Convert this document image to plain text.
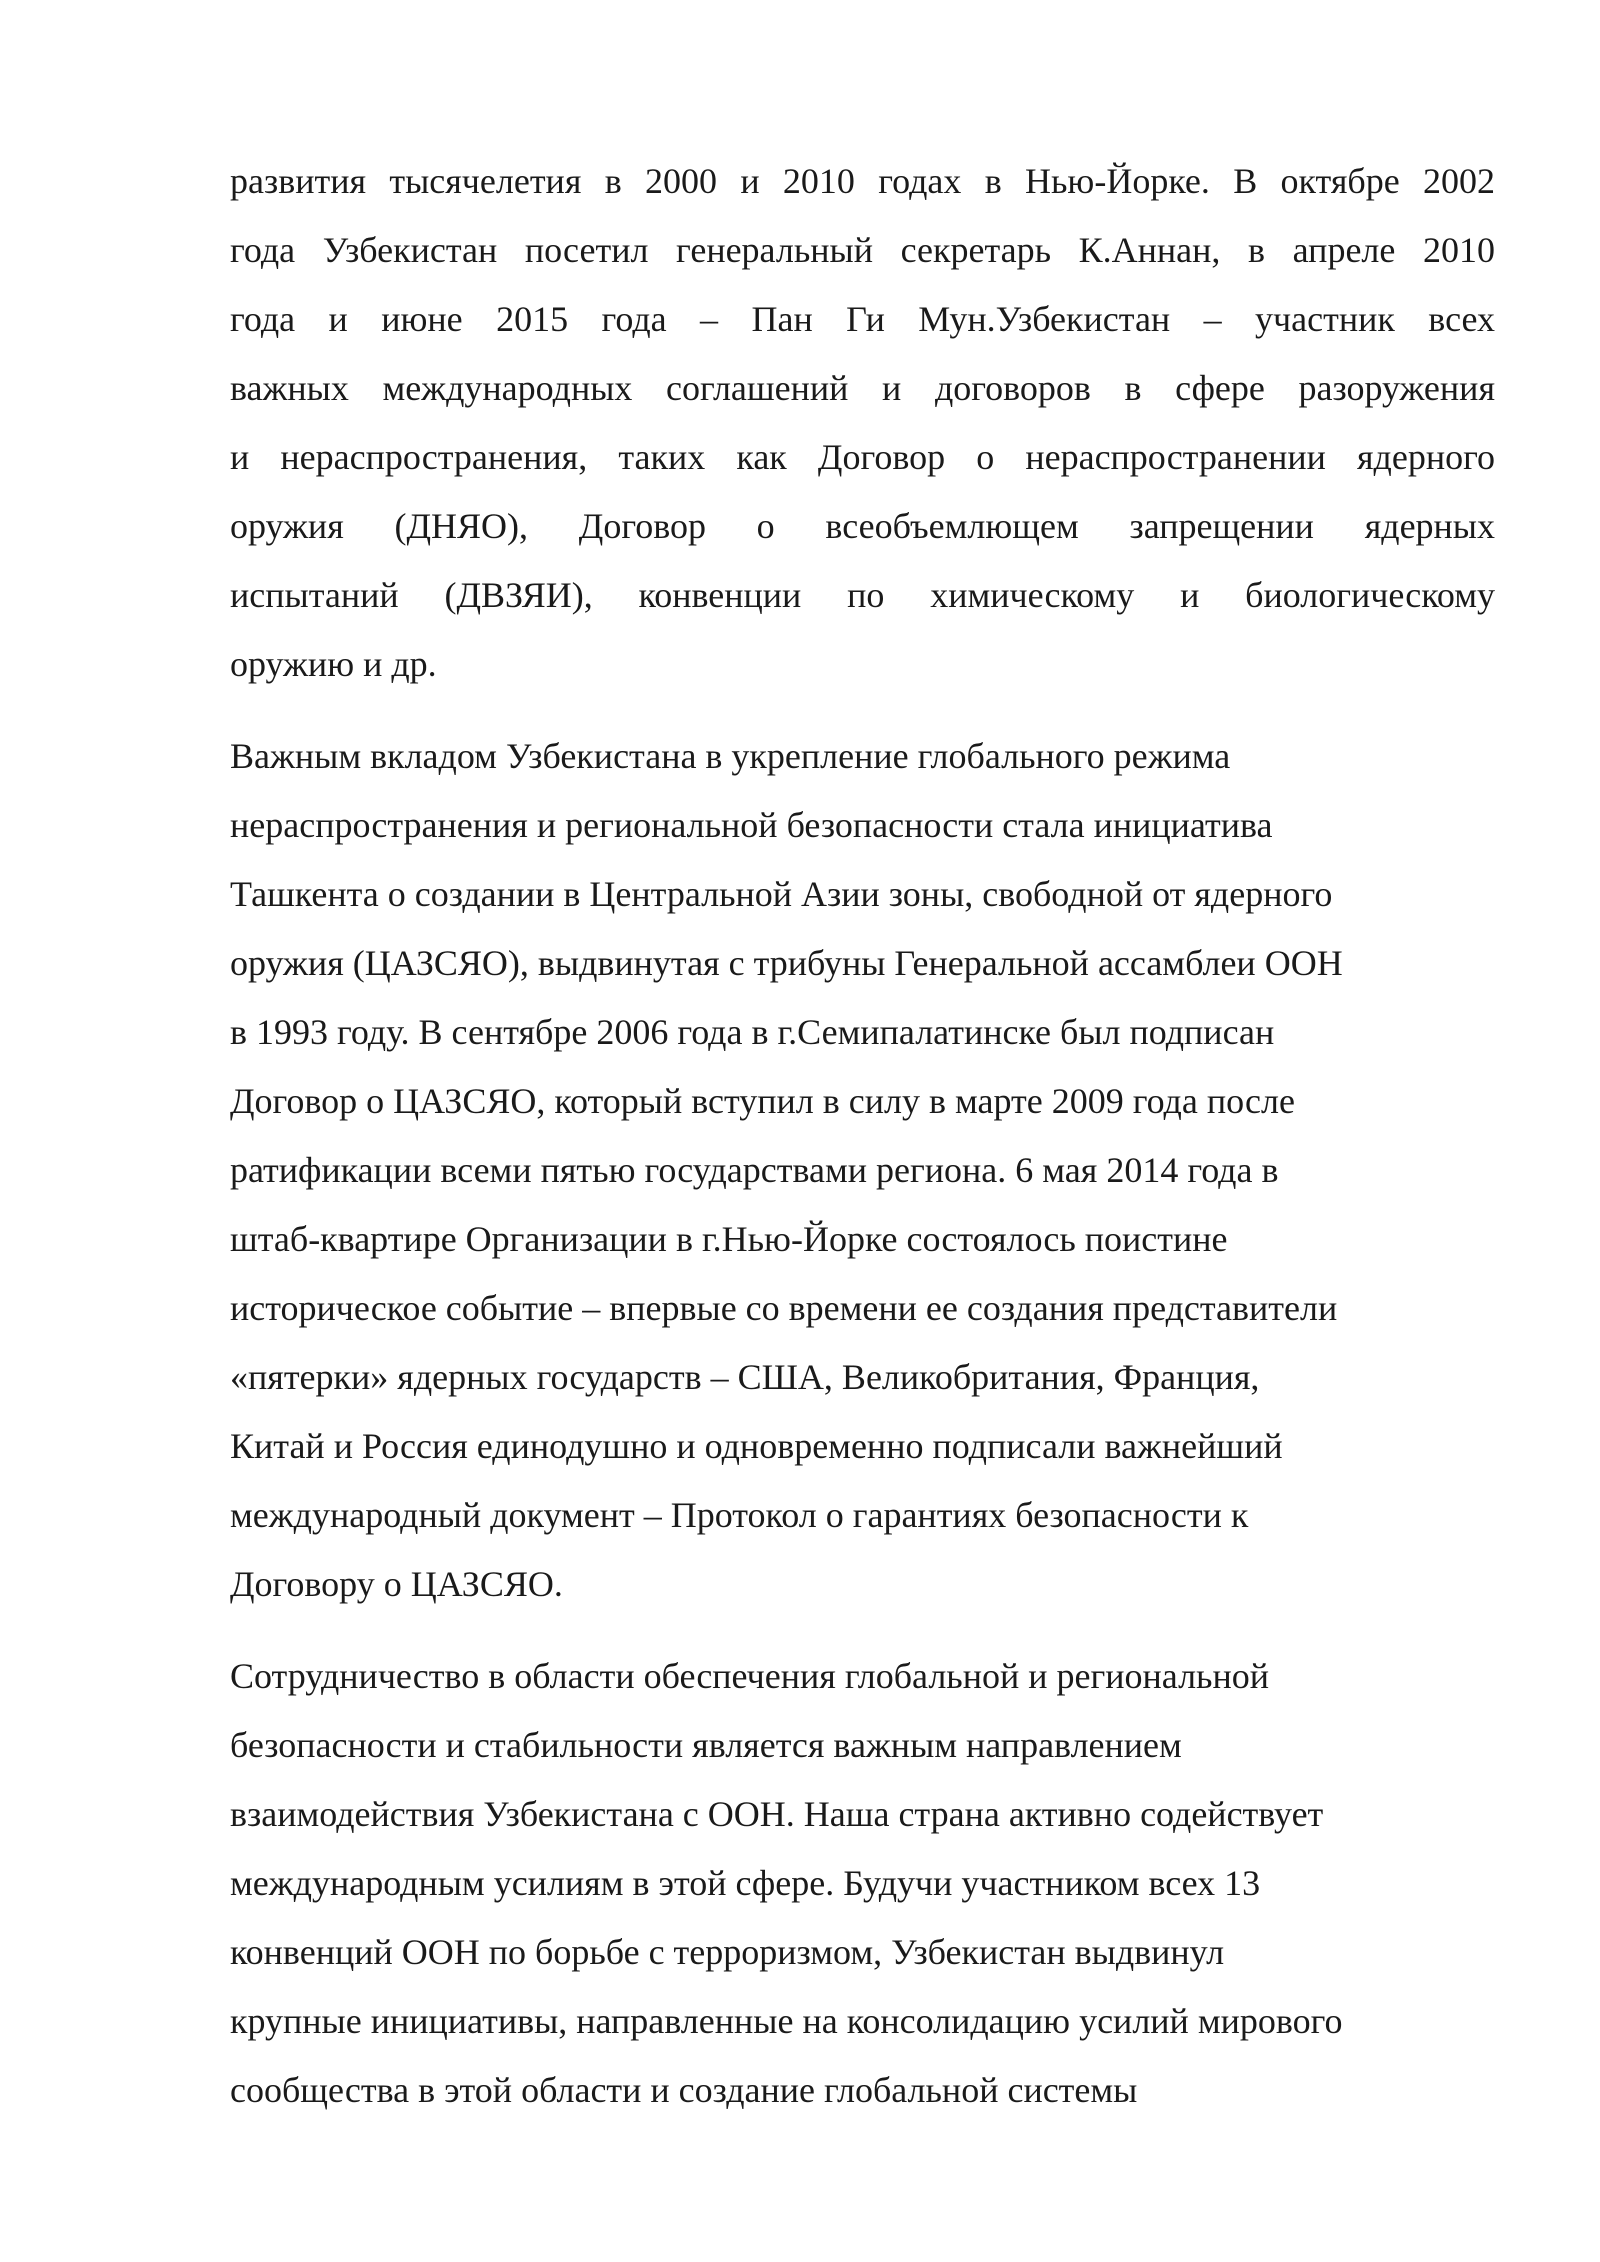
развития тысячелетия в 2000 и 2010 годах в Нью-Йорке. В октябре 2002
года Узбекистан посетил генеральный секретарь К.Аннан, в апреле 2010
года и июне 2015 года – Пан Ги Мун.Узбекистан – участник всех
важных международных соглашений и договоров в сфере разоружения
и нераспространения, таких как Договор о нераспространении ядерного
оружия (ДНЯО), Договор о всеобъемлющем запрещении ядерных
испытаний (ДВЗЯИ), конвенции по химическому и биологическому
оружию и др.
Важным вкладом Узбекистана в укрепление глобального режима
нераспространения и региональной безопасности стала инициатива
Ташкента о создании в Центральной Азии зоны, свободной от ядерного
оружия (ЦАЗСЯО), выдвинутая с трибуны Генеральной ассамблеи ООН
в 1993 году. В сентябре 2006 года в г.Семипалатинске был подписан
Договор о ЦАЗСЯО, который вступил в силу в марте 2009 года после
ратификации всеми пятью государствами региона. 6 мая 2014 года в
штаб-квартире Организации в г.Нью-Йорке состоялось поистине
историческое событие – впервые со времени ее создания представители
«пятерки» ядерных государств – США, Великобритания, Франция,
Китай и Россия единодушно и одновременно подписали важнейший
международный документ – Протокол о гарантиях безопасности к
Договору о ЦАЗСЯО.
Сотрудничество в области обеспечения глобальной и региональной
безопасности и стабильности является важным направлением
взаимодействия Узбекистана с ООН. Наша страна активно содействует
международным усилиям в этой сфере. Будучи участником всех 13
конвенций ООН по борьбе с терроризмом, Узбекистан выдвинул
крупные инициативы, направленные на консолидацию усилий мирового
сообщества в этой области и создание глобальной системы
